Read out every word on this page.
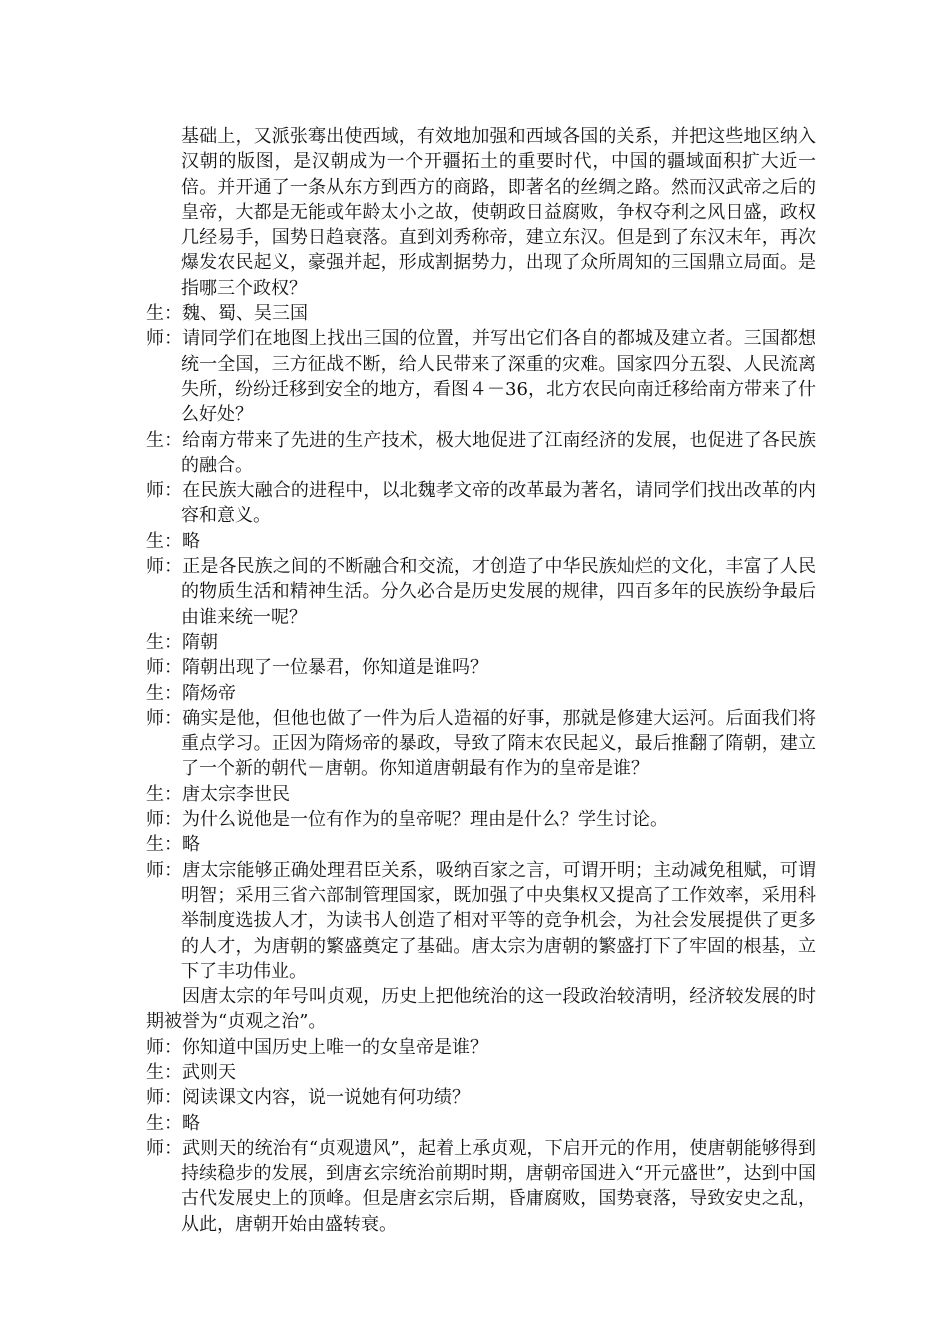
基础上，又派张骞出使西域，有效地加强和西域各国的关系，并把这些地区纳入汉朝的版图，是汉朝成为一个开疆拓土的重要时代，中国的疆域面积扩大近一倍。并开通了一条从东方到西方的商路，即著名的丝绸之路。然而汉武帝之后的皇帝，大都是无能或年龄太小之故，使朝政日益腐败，争权夺利之风日盛，政权几经易手，国势日趋衰落。直到刘秀称帝，建立东汉。但是到了东汉末年，再次爆发农民起义，豪强并起，形成割据势力，出现了众所周知的三国鼎立局面。是指哪三个政权？

生：魏、蜀、吴三国

师：请同学们在地图上找出三国的位置，并写出它们各自的都城及建立者。三国都想统一全国，三方征战不断，给人民带来了深重的灾难。国家四分五裂、人民流离失所，纷纷迁移到安全的地方，看图４－36，北方农民向南迁移给南方带来了什么好处？

生：给南方带来了先进的生产技术，极大地促进了江南经济的发展，也促进了各民族的融合。

师：在民族大融合的进程中，以北魏孝文帝的改革最为著名，请同学们找出改革的内容和意义。

生：略

师：正是各民族之间的不断融合和交流，才创造了中华民族灿烂的文化，丰富了人民的物质生活和精神生活。分久必合是历史发展的规律，四百多年的民族纷争最后由谁来统一呢？

生：隋朝

师：隋朝出现了一位暴君，你知道是谁吗？

生：隋炀帝

师：确实是他，但他也做了一件为后人造福的好事，那就是修建大运河。后面我们将重点学习。正因为隋炀帝的暴政，导致了隋末农民起义，最后推翻了隋朝，建立了一个新的朝代－唐朝。你知道唐朝最有作为的皇帝是谁？

生：唐太宗李世民

师：为什么说他是一位有作为的皇帝呢？理由是什么？学生讨论。

生：略

师：唐太宗能够正确处理君臣关系，吸纳百家之言，可谓开明；主动减免租赋，可谓明智；采用三省六部制管理国家，既加强了中央集权又提高了工作效率，采用科举制度选拔人才，为读书人创造了相对平等的竞争机会，为社会发展提供了更多的人才，为唐朝的繁盛奠定了基础。唐太宗为唐朝的繁盛打下了牢固的根基，立下了丰功伟业。

因唐太宗的年号叫贞观，历史上把他统治的这一段政治较清明，经济较发展的时期被誉为“贞观之治”。

师：你知道中国历史上唯一的女皇帝是谁？

生：武则天

师：阅读课文内容，说一说她有何功绩？

生：略

师：武则天的统治有“贞观遗风”，起着上承贞观，下启开元的作用，使唐朝能够得到持续稳步的发展，到唐玄宗统治前期时期，唐朝帝国进入“开元盛世”，达到中国古代发展史上的顶峰。但是唐玄宗后期，昏庸腐败，国势衰落，导致安史之乱，从此，唐朝开始由盛转衰。
